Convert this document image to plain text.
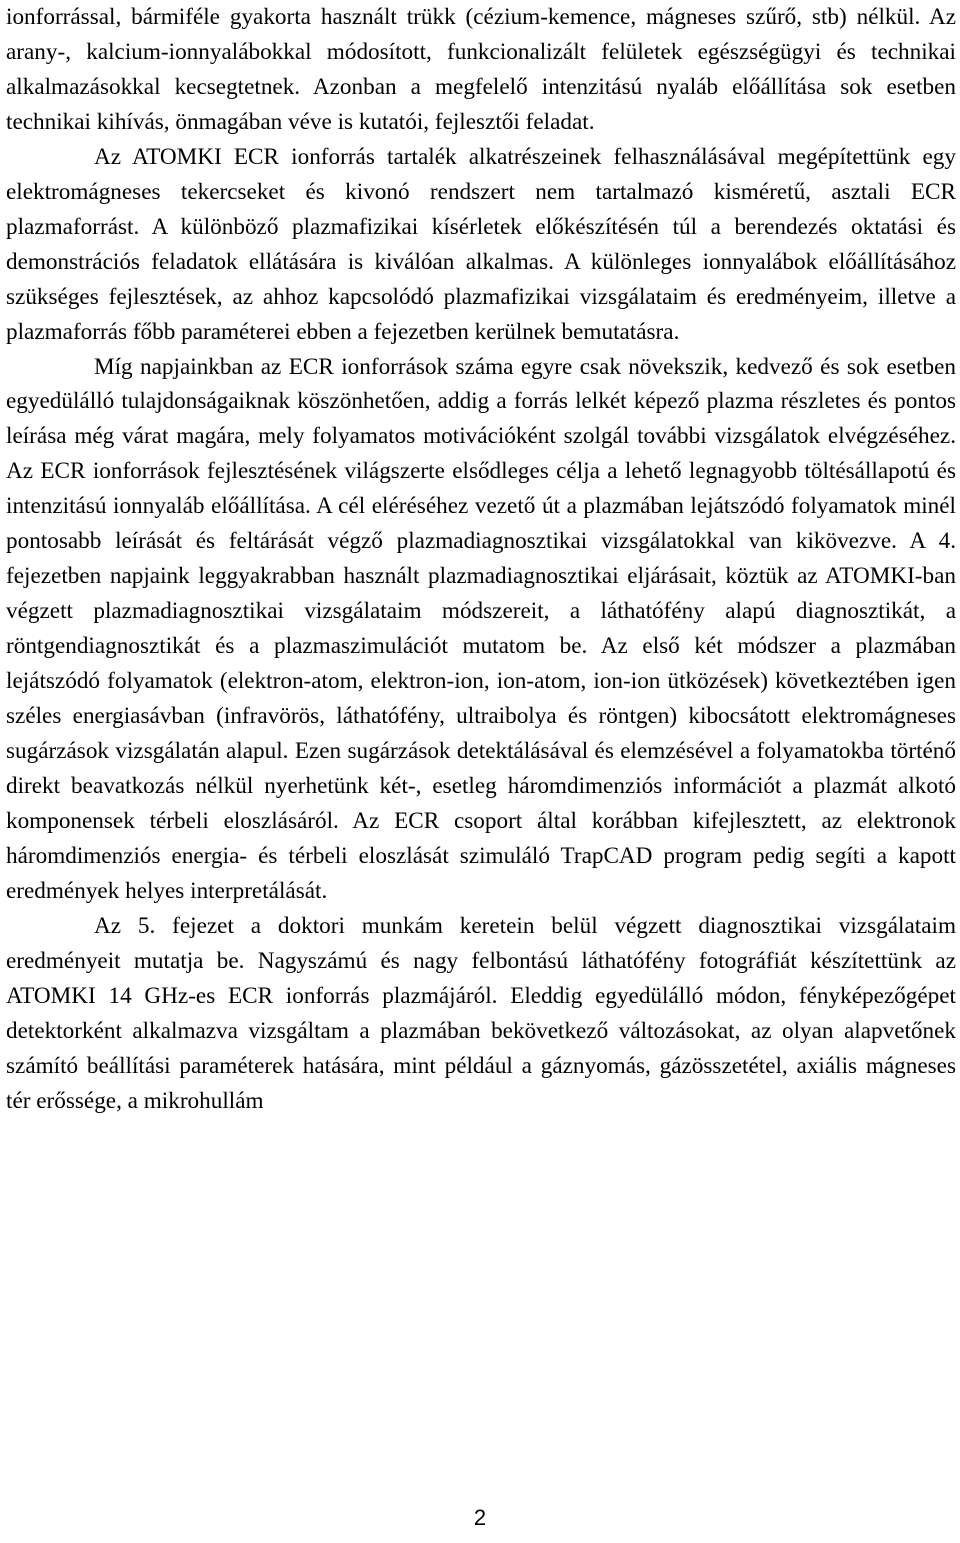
ionforrással, bármiféle gyakorta használt trükk (cézium-kemence, mágneses szűrő, stb) nélkül. Az arany-, kalcium-ionnyalábokkal módosított, funkcionalizált felületek egészségügyi és technikai alkalmazásokkal kecsegtetnek. Azonban a megfelelő intenzitású nyaláb előállítása sok esetben technikai kihívás, önmagában véve is kutatói, fejlesztői feladat.

Az ATOMKI ECR ionforrás tartalék alkatrészeinek felhasználásával megépítettünk egy elektromágneses tekercseket és kivonó rendszert nem tartalmazó kisméretű, asztali ECR plazmaforrást. A különböző plazmafizikai kísérletek előkészítésén túl a berendezés oktatási és demonstrációs feladatok ellátására is kiválóan alkalmas. A különleges ionnyalábok előállításához szükséges fejlesztések, az ahhoz kapcsolódó plazmafizikai vizsgálataim és eredményeim, illetve a plazmaforrás főbb paraméterei ebben a fejezetben kerülnek bemutatásra.

Míg napjainkban az ECR ionforrások száma egyre csak növekszik, kedvező és sok esetben egyedülálló tulajdonságaiknak köszönhetően, addig a forrás lelkét képező plazma részletes és pontos leírása még várat magára, mely folyamatos motivációként szolgál további vizsgálatok elvégzéséhez. Az ECR ionforrások fejlesztésének világszerte elsődleges célja a lehető legnagyobb töltésállapotú és intenzitású ionnyaláb előállítása. A cél eléréséhez vezető út a plazmában lejátszódó folyamatok minél pontosabb leírását és feltárását végző plazmadiagnosztikai vizsgálatokkal van kikövezve. A 4. fejezetben napjaink leggyakrabban használt plazmadiagnosztikai eljárásait, köztük az ATOMKI-ban végzett plazmadiagnosztikai vizsgálataim módszereit, a láthatófény alapú diagnosztikát, a röntgendiagnosztikát és a plazmaszimulációt mutatom be. Az első két módszer a plazmában lejátszódó folyamatok (elektron-atom, elektron-ion, ion-atom, ion-ion ütközések) következtében igen széles energiasávban (infravörös, láthatófény, ultraibolya és röntgen) kibocsátott elektromágneses sugárzások vizsgálatán alapul. Ezen sugárzások detektálásával és elemzésével a folyamatokba történő direkt beavatkozás nélkül nyerhetünk két-, esetleg háromdimenziós információt a plazmát alkotó komponensek térbeli eloszlásáról. Az ECR csoport által korábban kifejlesztett, az elektronok háromdimenziós energia- és térbeli eloszlását szimuláló TrapCAD program pedig segíti a kapott eredmények helyes interpretálását.

Az 5. fejezet a doktori munkám keretein belül végzett diagnosztikai vizsgálataim eredményeit mutatja be. Nagyszámú és nagy felbontású láthatófény fotográfiát készítettünk az ATOMKI 14 GHz-es ECR ionforrás plazmájáról. Eleddig egyedülálló módon, fényképezőgépet detektorként alkalmazva vizsgáltam a plazmában bekövetkező változásokat, az olyan alapvetőnek számító beállítási paraméterek hatására, mint például a gáznyomás, gázösszetétel, axiális mágneses tér erőssége, a mikrohullám

2
